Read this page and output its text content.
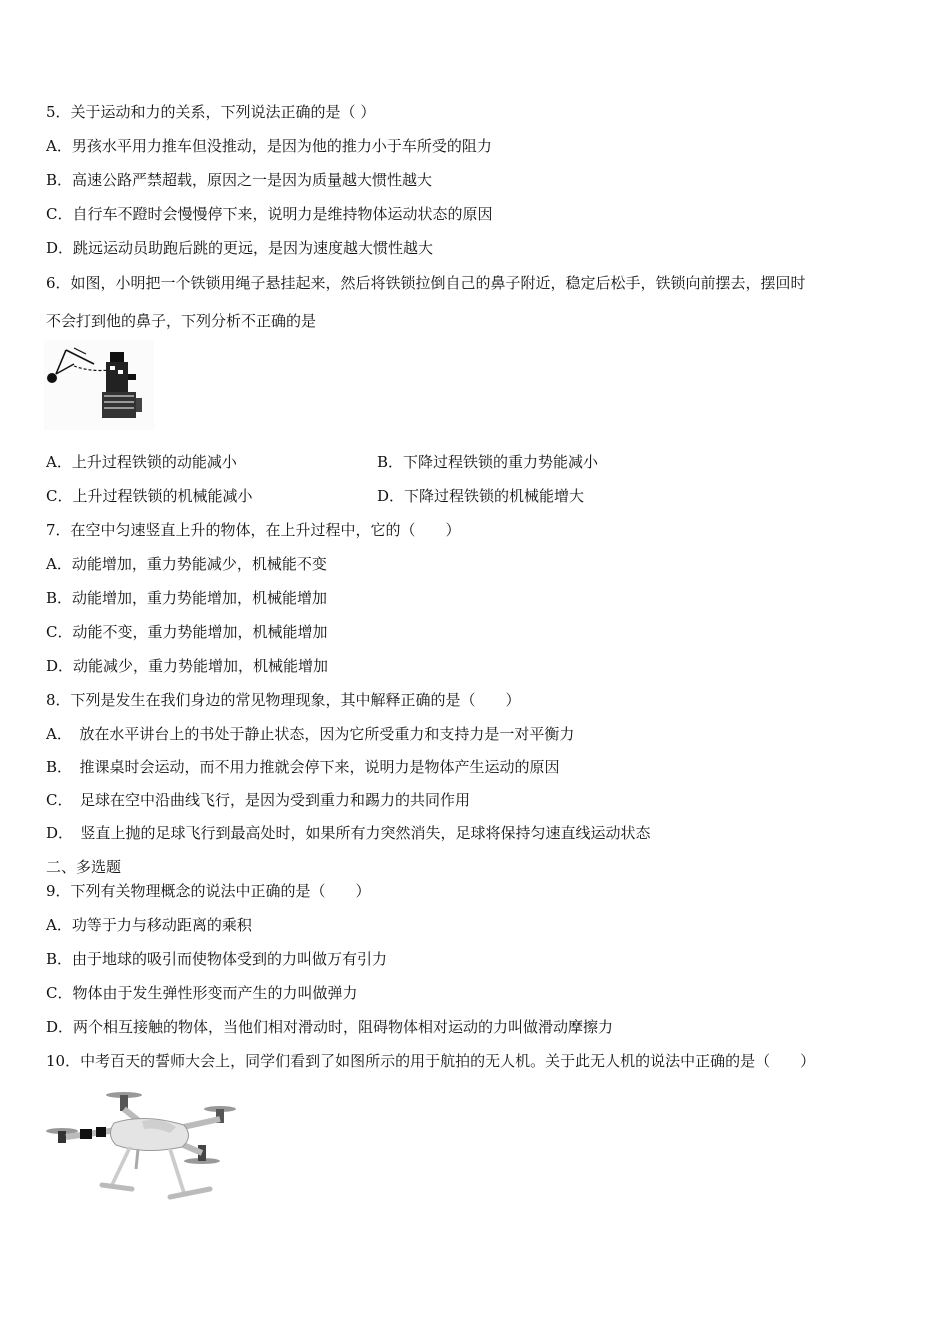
5．关于运动和力的关系，下列说法正确的是（ ）
A．男孩水平用力推车但没推动，是因为他的推力小于车所受的阻力
B．高速公路严禁超载，原因之一是因为质量越大惯性越大
C．自行车不蹬时会慢慢停下来，说明力是维持物体运动状态的原因
D．跳远运动员助跑后跳的更远，是因为速度越大惯性越大
6．如图，小明把一个铁锁用绳子悬挂起来，然后将铁锁拉倒自己的鼻子附近，稳定后松手，铁锁向前摆去，摆回时
不会打到他的鼻子，下列分析不正确的是
A．上升过程铁锁的动能减小	B．下降过程铁锁的重力势能减小
C．上升过程铁锁的机械能减小	D．下降过程铁锁的机械能增大
7．在空中匀速竖直上升的物体，在上升过程中，它的（　　）
A．动能增加，重力势能减少，机械能不变
B．动能增加，重力势能增加，机械能增加
C．动能不变，重力势能增加，机械能增加
D．动能减少，重力势能增加，机械能增加
8．下列是发生在我们身边的常见物理现象，其中解释正确的是（　　）
A．　放在水平讲台上的书处于静止状态，因为它所受重力和支持力是一对平衡力
B．　推课桌时会运动，而不用力推就会停下来，说明力是物体产生运动的原因
C．　足球在空中沿曲线飞行，是因为受到重力和踢力的共同作用
D．　竖直上抛的足球飞行到最高处时，如果所有力突然消失，足球将保持匀速直线运动状态
二、多选题
9．下列有关物理概念的说法中正确的是（　　）
A．功等于力与移动距离的乘积
B．由于地球的吸引而使物体受到的力叫做万有引力
C．物体由于发生弹性形变而产生的力叫做弹力
D．两个相互接触的物体，当他们相对滑动时，阻碍物体相对运动的力叫做滑动摩擦力
10．中考百天的誓师大会上，同学们看到了如图所示的用于航拍的无人机。关于此无人机的说法中正确的是（　　）
